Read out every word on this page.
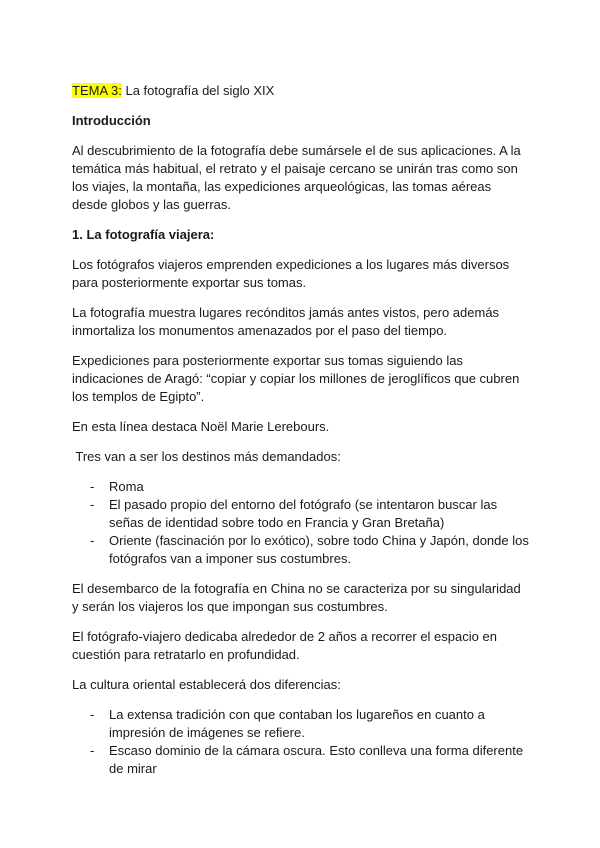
TEMA 3: La fotografía del siglo XIX

Introducción

Al descubrimiento de la fotografía debe sumársele el de sus aplicaciones. A la temática más habitual, el retrato y el paisaje cercano se unirán tras como son los viajes, la montaña, las expediciones arqueológicas, las tomas aéreas desde globos y las guerras.

1. La fotografía viajera:

Los fotógrafos viajeros emprenden expediciones a los lugares más diversos para posteriormente exportar sus tomas.

La fotografía muestra lugares recónditos jamás antes vistos, pero además inmortaliza los monumentos amenazados por el paso del tiempo.

Expediciones para posteriormente exportar sus tomas siguiendo las indicaciones de Aragó: “copiar y copiar los millones de jeroglíficos que cubren los templos de Egipto”.

En esta línea destaca Noël Marie Lerebours.

Tres van a ser los destinos más demandados:

- Roma
- El pasado propio del entorno del fotógrafo (se intentaron buscar las señas de identidad sobre todo en Francia y Gran Bretaña)
- Oriente (fascinación por lo exótico), sobre todo China y Japón, donde los fotógrafos van a imponer sus costumbres.

El desembarco de la fotografía en China no se caracteriza por su singularidad y serán los viajeros los que impongan sus costumbres.

El fotógrafo-viajero dedicaba alrededor de 2 años a recorrer el espacio en cuestión para retratarlo en profundidad.

La cultura oriental establecerá dos diferencias:

- La extensa tradición con que contaban los lugareños en cuanto a impresión de imágenes se refiere.
- Escaso dominio de la cámara oscura. Esto conlleva una forma diferente de mirar
